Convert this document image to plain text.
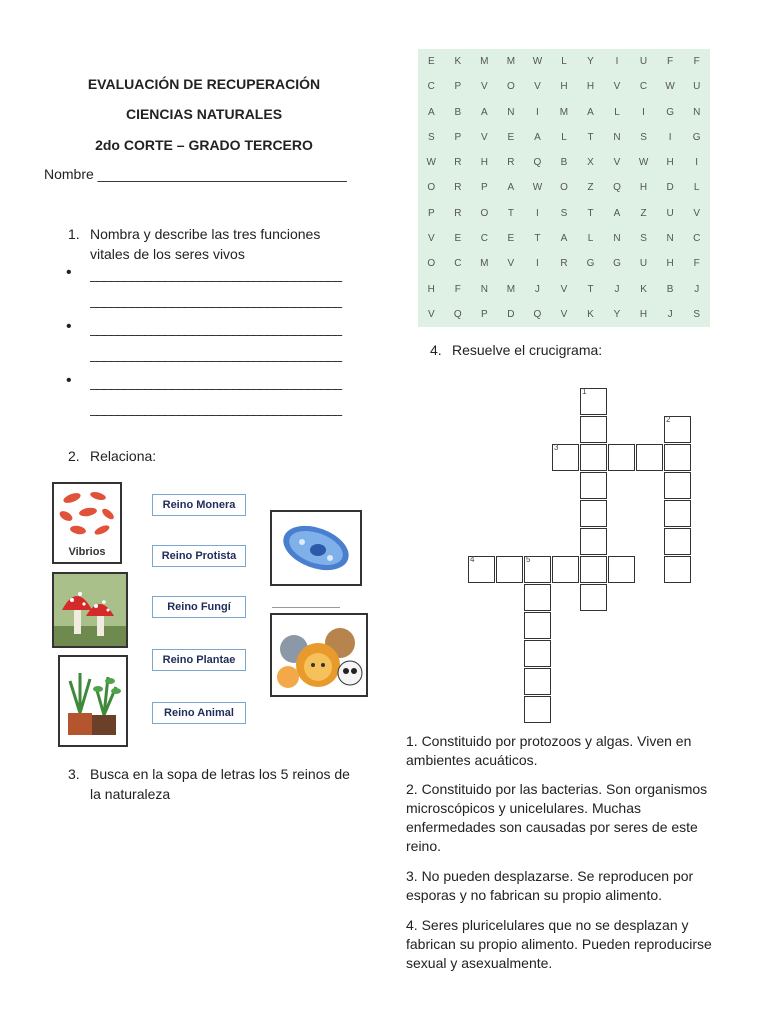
EVALUACIÓN DE RECUPERACIÓN
CIENCIAS NATURALES
2do CORTE – GRADO TERCERO
Nombre ________________________________
1. Nombra y describe las tres funciones vitales de los seres vivos
• _____________________________________
_____________________________________
• _____________________________________
_____________________________________
• _____________________________________
_____________________________________
2. Relaciona:
Vibrios
Reino Monera
Reino Protista
Reino Fungí
Reino Plantae
Reino Animal
3. Busca en la sopa de letras los 5 reinos de la naturaleza
E	K	M	M	W	L	Y	I	U	F	F
C	P	V	O	V	H	H	V	C	W	U
A	B	A	N	I	M	A	L	I	G	N
S	P	V	E	A	L	T	N	S	I	G
W	R	H	R	Q	B	X	V	W	H	I
O	R	P	A	W	O	Z	Q	H	D	L
P	R	O	T	I	S	T	A	Z	U	V
V	E	C	E	T	A	L	N	S	N	C
O	C	M	V	I	R	G	G	U	H	F
H	F	N	M	J	V	T	J	K	B	J
V	Q	P	D	Q	V	K	Y	H	J	S
4. Resuelve el crucigrama:
1
2
3
4	5
1. Constituido por protozoos y algas. Viven en ambientes acuáticos.
2. Constituido por las bacterias. Son organismos microscópicos y unicelulares. Muchas enfermedades son causadas por seres de este reino.
3. No pueden desplazarse. Se reproducen por esporas y no fabrican su propio alimento.
4. Seres pluricelulares que no se desplazan y fabrican su propio alimento. Pueden reproducirse sexual y asexualmente.
